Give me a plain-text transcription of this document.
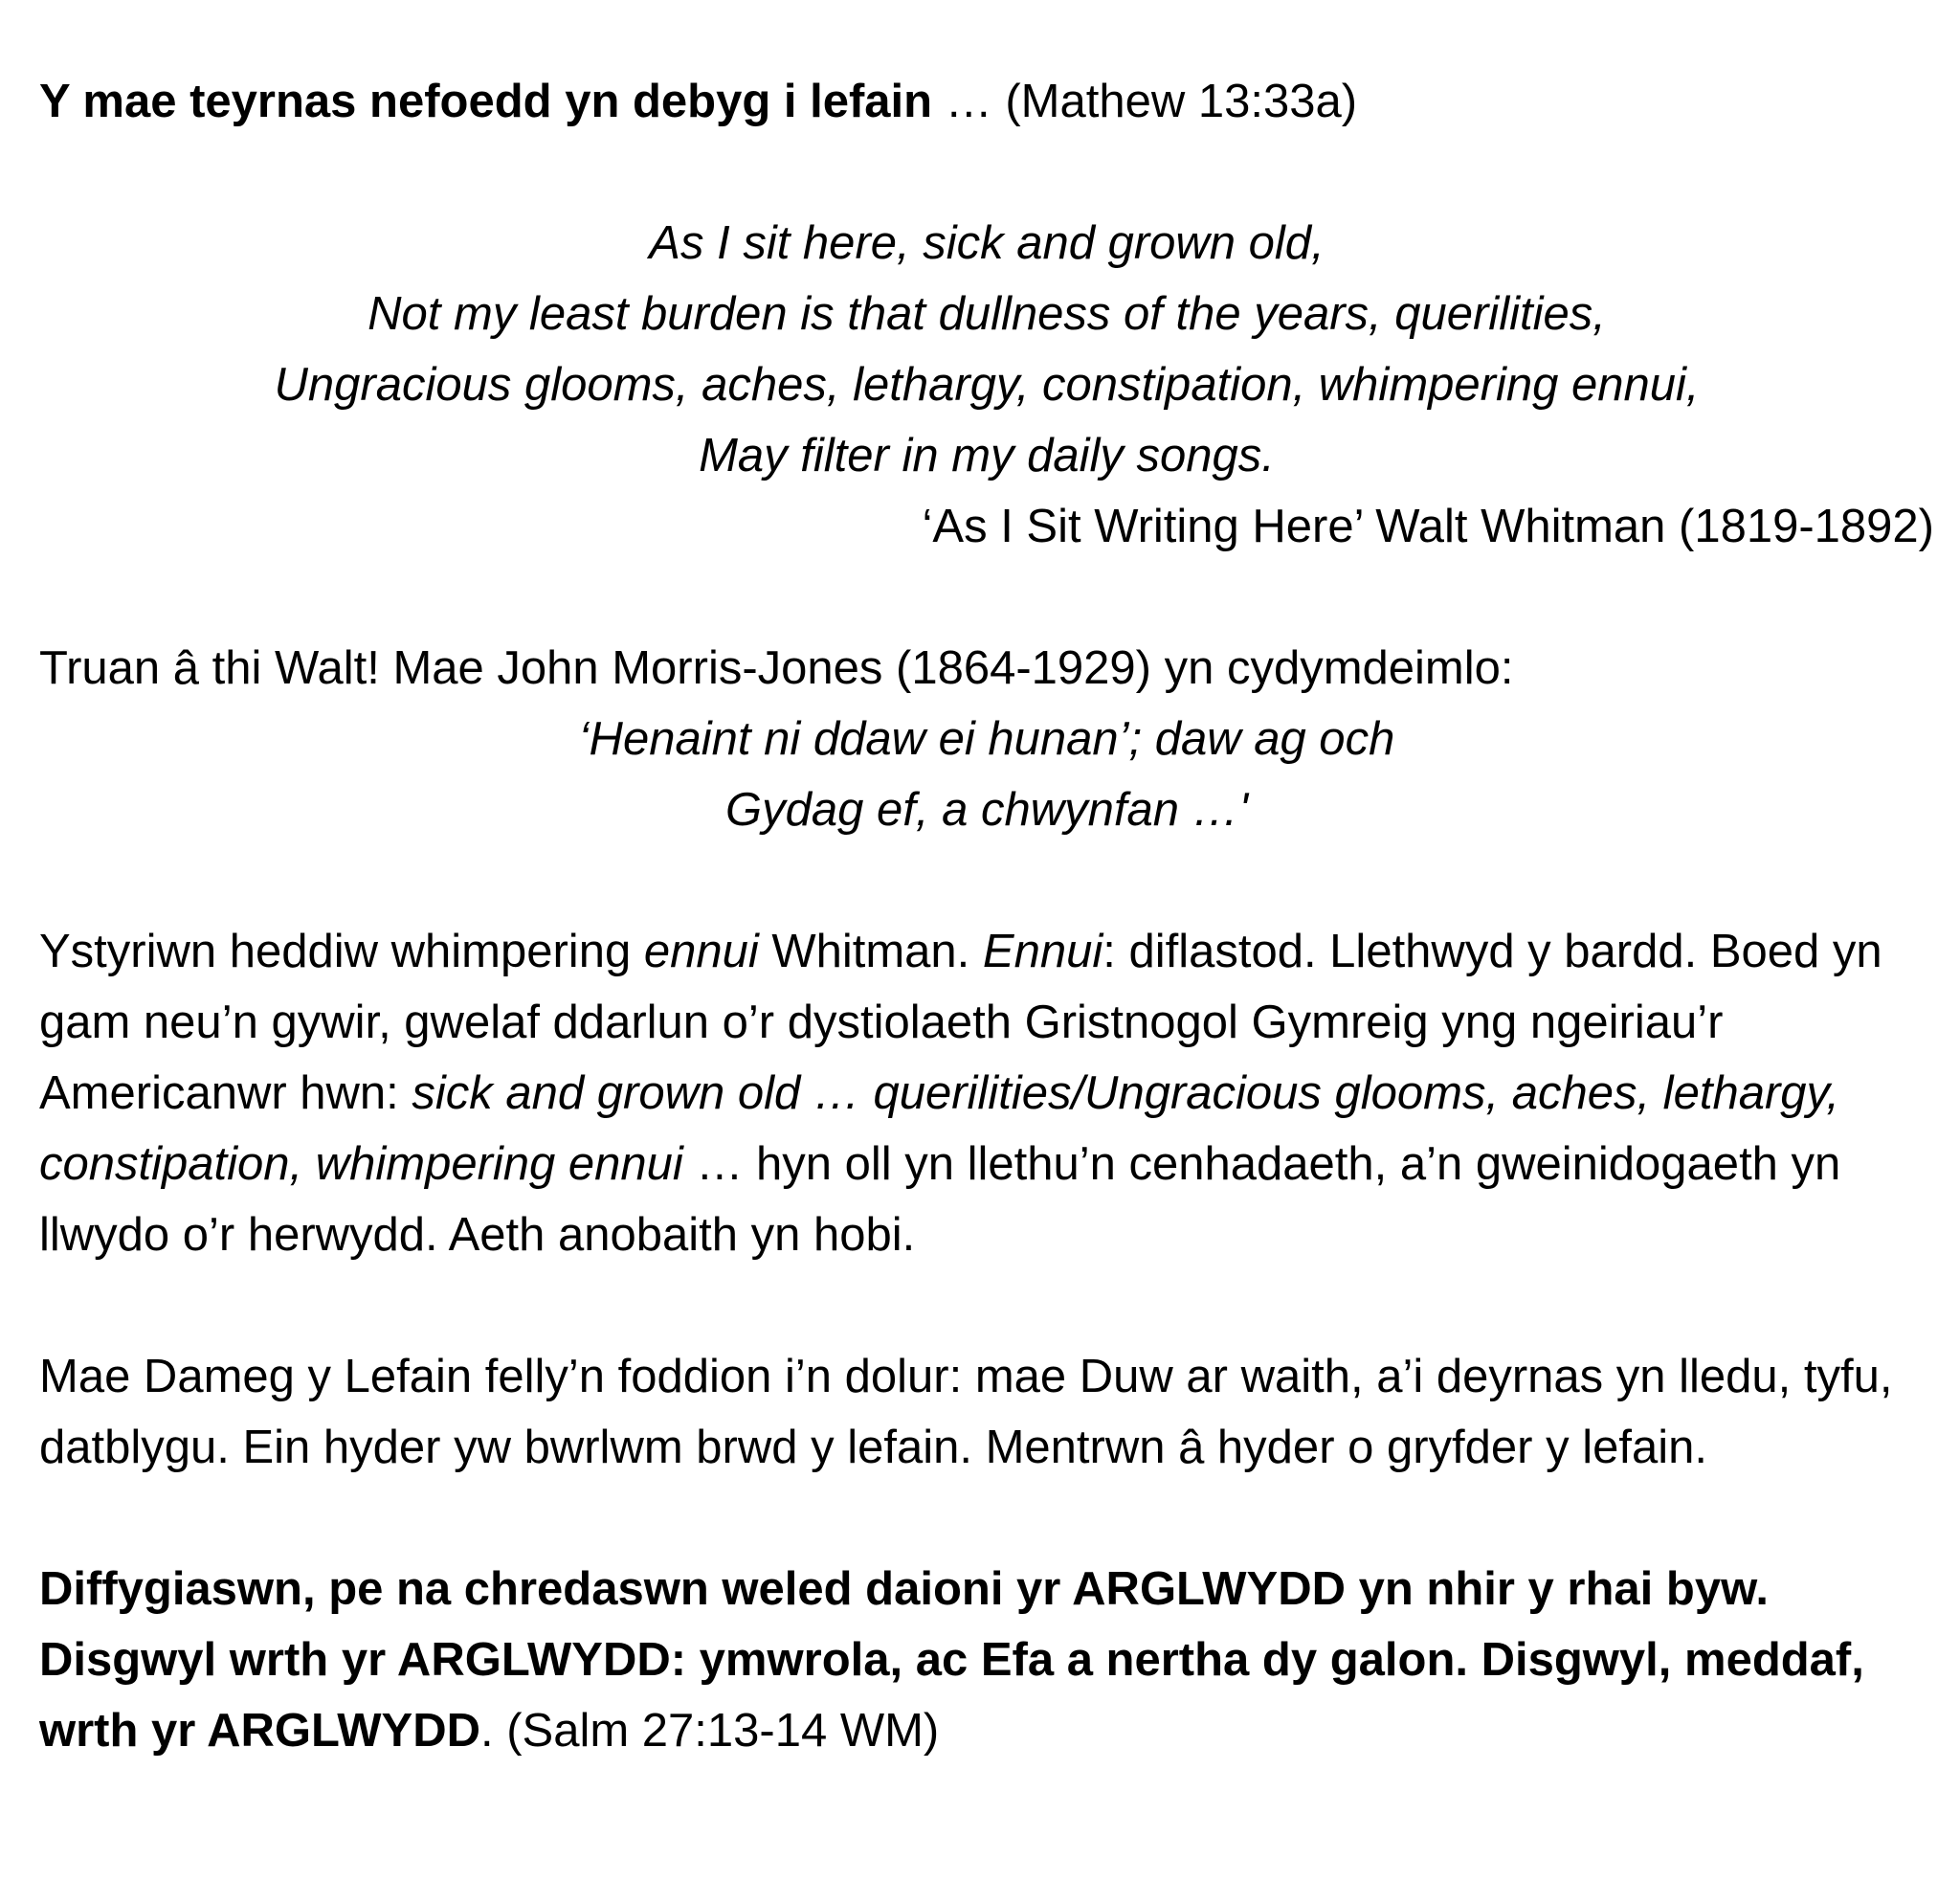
Y mae teyrnas nefoedd yn debyg i lefain … (Mathew 13:33a)

As I sit here, sick and grown old,

Not my least burden is that dullness of the years, querilities,

Ungracious glooms, aches, lethargy, constipation, whimpering ennui,

May filter in my daily songs.

‘As I Sit Writing Here’ Walt Whitman (1819-1892)

Truan â thi Walt! Mae John Morris-Jones (1864-1929) yn cydymdeimlo:

‘Henaint ni ddaw ei hunan’; daw ag och

Gydag ef, a chwynfan …'

Ystyriwn heddiw whimpering ennui Whitman. Ennui: diflastod. Llethwyd y bardd. Boed yn gam neu’n gywir, gwelaf ddarlun o’r dystiolaeth Gristnogol Gymreig yng ngeiriau’r Americanwr hwn: sick and grown old … querilities/Ungracious glooms, aches, lethargy, constipation, whimpering ennui … hyn oll yn llethu’n cenhadaeth, a’n gweinidogaeth yn llwydo o’r herwydd. Aeth anobaith yn hobi.

Mae Dameg y Lefain felly’n foddion i’n dolur: mae Duw ar waith, a’i deyrnas yn lledu, tyfu, datblygu. Ein hyder yw bwrlwm brwd y lefain. Mentrwn â hyder o gryfder y lefain.

Diffygiaswn, pe na chredaswn weled daioni yr ARGLWYDD yn nhir y rhai byw. Disgwyl wrth yr ARGLWYDD: ymwrola, ac Efa a nertha dy galon. Disgwyl, meddaf, wrth yr ARGLWYDD. (Salm 27:13-14 WM)
